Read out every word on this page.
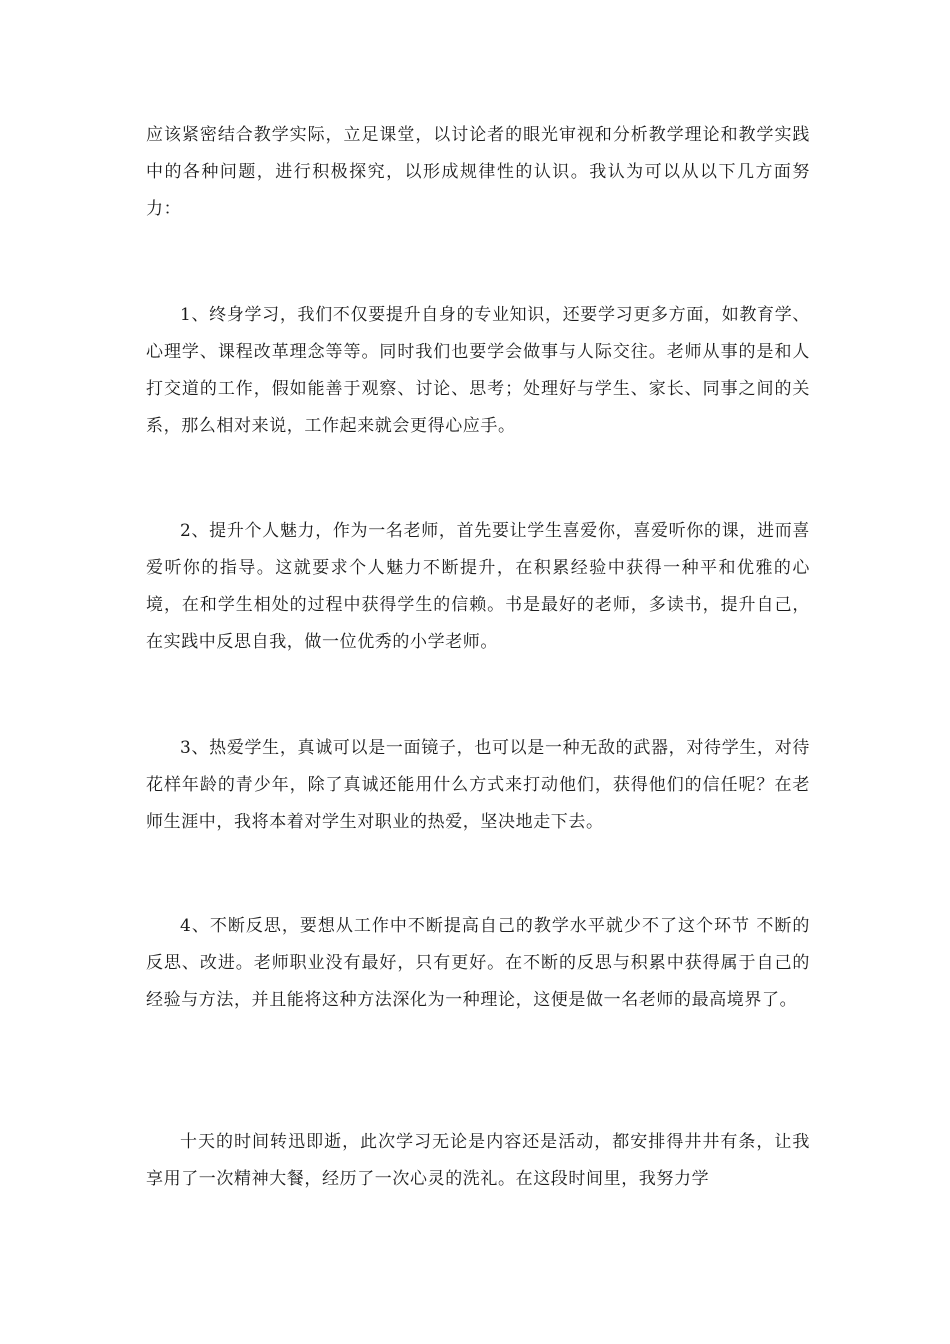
应该紧密结合教学实际，立足课堂，以讨论者的眼光审视和分析教学理论和教学实践中的各种问题，进行积极探究，以形成规律性的认识。我认为可以从以下几方面努力：

1、终身学习，我们不仅要提升自身的专业知识，还要学习更多方面，如教育学、心理学、课程改革理念等等。同时我们也要学会做事与人际交往。老师从事的是和人打交道的工作，假如能善于观察、讨论、思考；处理好与学生、家长、同事之间的关系，那么相对来说，工作起来就会更得心应手。

2、提升个人魅力，作为一名老师，首先要让学生喜爱你，喜爱听你的课，进而喜爱听你的指导。这就要求个人魅力不断提升，在积累经验中获得一种平和优雅的心境，在和学生相处的过程中获得学生的信赖。书是最好的老师，多读书，提升自己，在实践中反思自我，做一位优秀的小学老师。

3、热爱学生，真诚可以是一面镜子，也可以是一种无敌的武器，对待学生，对待花样年龄的青少年，除了真诚还能用什么方式来打动他们，获得他们的信任呢？在老师生涯中，我将本着对学生对职业的热爱，坚决地走下去。

4、不断反思，要想从工作中不断提高自己的教学水平就少不了这个环节 不断的反思、改进。老师职业没有最好，只有更好。在不断的反思与积累中获得属于自己的经验与方法，并且能将这种方法深化为一种理论，这便是做一名老师的最高境界了。

十天的时间转迅即逝，此次学习无论是内容还是活动，都安排得井井有条，让我享用了一次精神大餐，经历了一次心灵的洗礼。在这段时间里，我努力学
